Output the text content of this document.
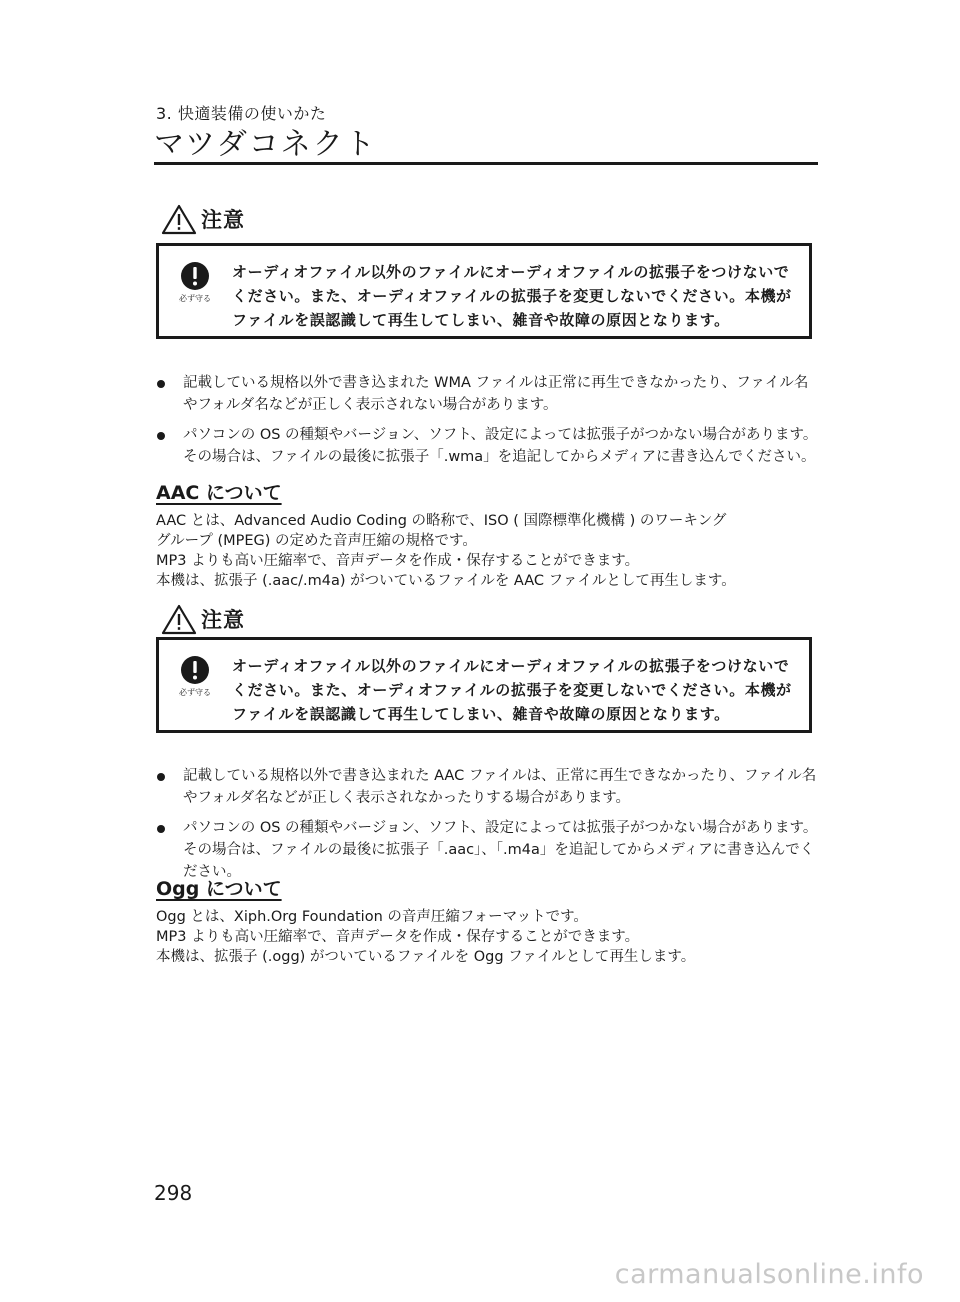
3. 快適装備の使いかた
マツダコネクト
注意
必ず守る
オーディオファイル以外のファイルにオーディオファイルの拡張子をつけないでください。また、オーディオファイルの拡張子を変更しないでください。本機がファイルを誤認識して再生してしまい、雑音や故障の原因となります。
記載している規格以外で書き込まれた WMA ファイルは正常に再生できなかったり、ファイル名やフォルダ名などが正しく表示されない場合があります。
パソコンの OS の種類やバージョン、ソフト、設定によっては拡張子がつかない場合があります。その場合は、ファイルの最後に拡張子「.wma」を追記してからメディアに書き込んでください。
AAC について

AAC とは、Advanced Audio Coding の略称で、ISO ( 国際標準化機構 ) のワーキング
グループ (MPEG) の定めた音声圧縮の規格です。
MP3 よりも高い圧縮率で、音声データを作成・保存することができます。
本機は、拡張子 (.aac/.m4a) がついているファイルを AAC ファイルとして再生します。

注意
必ず守る
オーディオファイル以外のファイルにオーディオファイルの拡張子をつけないでください。また、オーディオファイルの拡張子を変更しないでください。本機がファイルを誤認識して再生してしまい、雑音や故障の原因となります。
記載している規格以外で書き込まれた AAC ファイルは、正常に再生できなかったり、ファイル名やフォルダ名などが正しく表示されなかったりする場合があります。
パソコンの OS の種類やバージョン、ソフト、設定によっては拡張子がつかない場合があります。その場合は、ファイルの最後に拡張子「.aac」、「.m4a」を追記してからメディアに書き込んでください。
Ogg について

Ogg とは、Xiph.Org Foundation の音声圧縮フォーマットです。
MP3 よりも高い圧縮率で、音声データを作成・保存することができます。
本機は、拡張子 (.ogg) がついているファイルを Ogg ファイルとして再生します。

298
carmanualsonline.info
